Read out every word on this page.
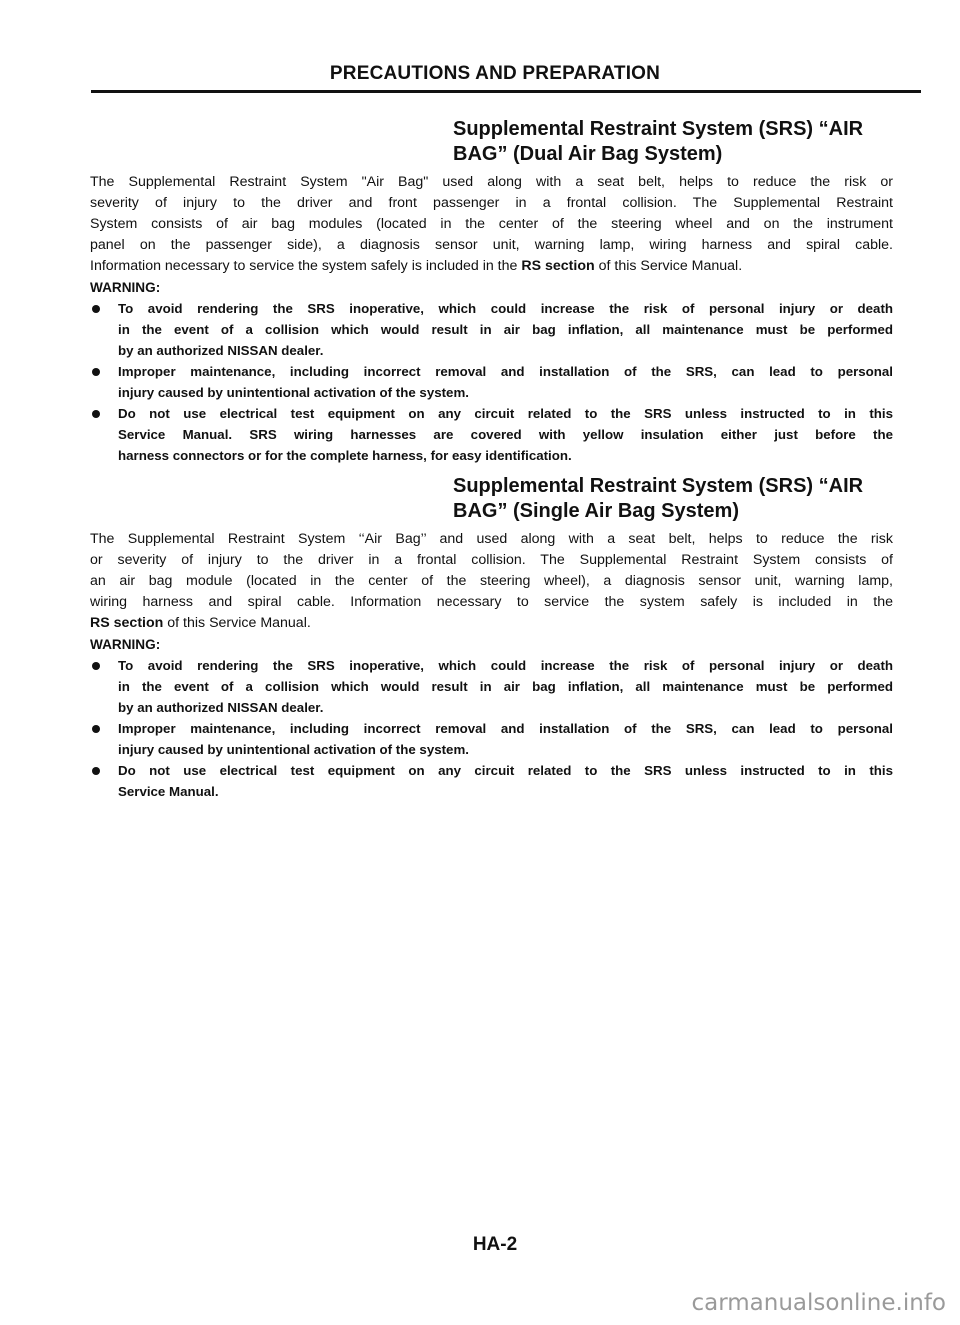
PRECAUTIONS AND PREPARATION
Supplemental Restraint System (SRS) “AIR
BAG” (Dual Air Bag System)
The Supplemental Restraint System "Air Bag" used along with a seat belt, helps to reduce the risk or
severity of injury to the driver and front passenger in a frontal collision. The Supplemental Restraint
System consists of air bag modules (located in the center of the steering wheel and on the instrument
panel on the passenger side), a diagnosis sensor unit, warning lamp, wiring harness and spiral cable.
Information necessary to service the system safely is included in the RS section of this Service Manual.
WARNING:
To avoid rendering the SRS inoperative, which could increase the risk of personal injury or death
in the event of a collision which would result in air bag inflation, all maintenance must be performed
by an authorized NISSAN dealer.
Improper maintenance, including incorrect removal and installation of the SRS, can lead to personal
injury caused by unintentional activation of the system.
Do not use electrical test equipment on any circuit related to the SRS unless instructed to in this
Service Manual. SRS wiring harnesses are covered with yellow insulation either just before the
harness connectors or for the complete harness, for easy identification.
Supplemental Restraint System (SRS) “AIR
BAG” (Single Air Bag System)
The Supplemental Restraint System ‘‘Air Bag’’ and used along with a seat belt, helps to reduce the risk
or severity of injury to the driver in a frontal collision. The Supplemental Restraint System consists of
an air bag module (located in the center of the steering wheel), a diagnosis sensor unit, warning lamp,
wiring harness and spiral cable. Information necessary to service the system safely is included in the
RS section of this Service Manual.
WARNING:
To avoid rendering the SRS inoperative, which could increase the risk of personal injury or death
in the event of a collision which would result in air bag inflation, all maintenance must be performed
by an authorized NISSAN dealer.
Improper maintenance, including incorrect removal and installation of the SRS, can lead to personal
injury caused by unintentional activation of the system.
Do not use electrical test equipment on any circuit related to the SRS unless instructed to in this
Service Manual.
HA-2
carmanualsonline.info
